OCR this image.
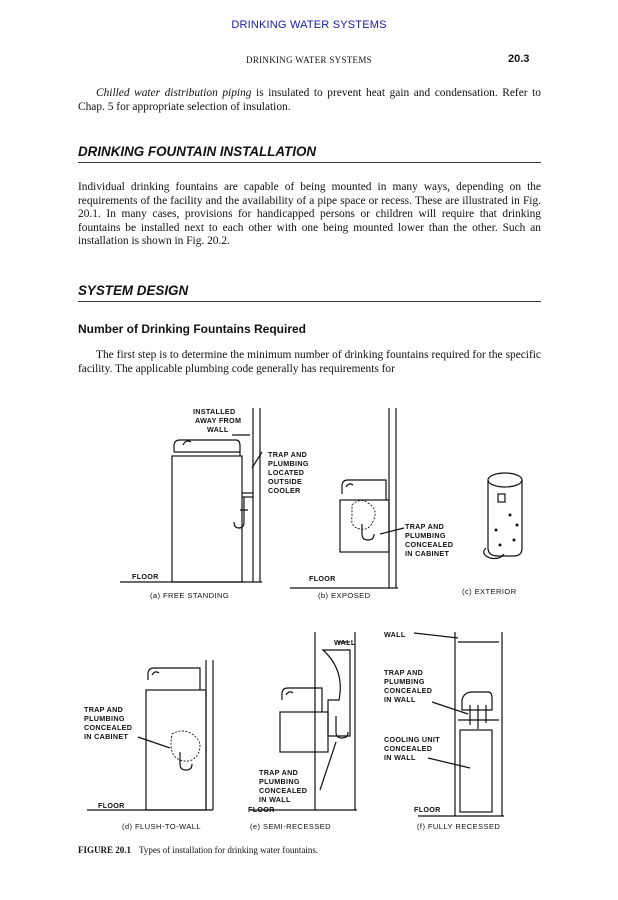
DRINKING WATER SYSTEMS
DRINKING WATER SYSTEMS	20.3
Chilled water distribution piping is insulated to prevent heat gain and condensation. Refer to Chap. 5 for appropriate selection of insulation.
DRINKING FOUNTAIN INSTALLATION
Individual drinking fountains are capable of being mounted in many ways, depending on the requirements of the facility and the availability of a pipe space or recess. These are illustrated in Fig. 20.1. In many cases, provisions for handicapped persons or children will require that drinking fountains be installed next to each other with one being mounted lower than the other. Such an installation is shown in Fig. 20.2.
SYSTEM DESIGN
Number of Drinking Fountains Required
The first step is to determine the minimum number of drinking fountains required for the specific facility. The applicable plumbing code generally has requirements for
INSTALLED
AWAY FROM
WALL
TRAP AND
PLUMBING
LOCATED
OUTSIDE
COOLER
FLOOR
TRAP AND
PLUMBING
CONCEALED
IN CABINET
FLOOR
TRAP AND
PLUMBING
CONCEALED
IN CABINET
FLOOR
WALL
TRAP AND
PLUMBING
CONCEALED
IN WALL
FLOOR
WALL
TRAP AND
PLUMBING
CONCEALED
IN WALL
COOLING UNIT
CONCEALED
IN WALL
FLOOR
(a) FREE STANDING	(b) EXPOSED	(c) EXTERIOR
(d) FLUSH-TO-WALL	(e) SEMI-RECESSED	(f) FULLY RECESSED
FIGURE 20.1 Types of installation for drinking water fountains.
